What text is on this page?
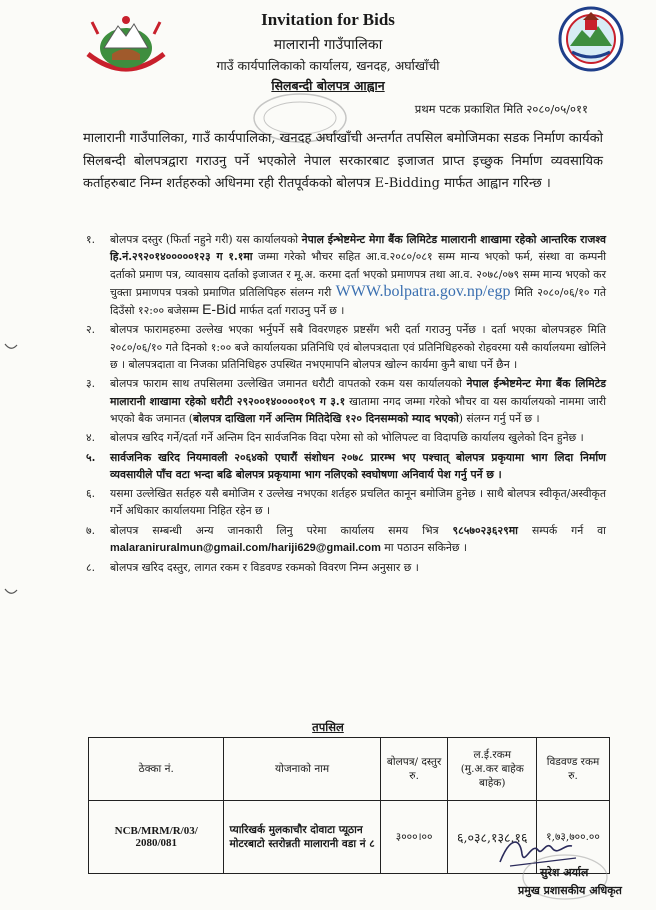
Invitation for Bids
मालारानी गाउँपालिका
गाउँ कार्यपालिकाको कार्यालय, खनदह, अर्घाखाँची
सिलबन्दी बोलपत्र आह्वान
प्रथम पटक प्रकाशित मिति २०८०/०५/०११
मालारानी गाउँपालिका, गाउँ कार्यपालिका, खनदह अर्घाखाँची अन्तर्गत तपसिल बमोजिमका सडक निर्माण कार्यको सिलबन्दी बोलपत्रद्वारा गराउनु पर्ने भएकोले नेपाल सरकारबाट इजाजत प्राप्त इच्छुक निर्माण व्यवसायिक कर्ताहरुबाट निम्न शर्तहरुको अधिनमा रही रीतपूर्वकको बोलपत्र E-Bidding मार्फत आह्वान गरिन्छ ।
१.	बोलपत्र दस्तुर (फिर्ता नहुने गरी) यस कार्यालयको नेपाल ईन्भेष्टमेन्ट मेगा बैंक लिमिटेड मालारानी शाखामा रहेको आन्तरिक राजश्व हि.नं.२९२०१४०००००१२३ ग १.१मा जम्मा गरेको भौचर सहित आ.व.२०८०/०८१ सम्म मान्य भएको फर्म, संस्था वा कम्पनी दर्ताको प्रमाण पत्र, व्यावसाय दर्ताको इजाजत र मू.अ. करमा दर्ता भएको प्रमाणपत्र तथा आ.व. २०७८/०७९ सम्म मान्य भएको कर चुक्ता प्रमाणपत्र पत्रको प्रमाणित प्रतिलिपिहरु संलग्न गरी WWW.bolpatra.gov.np/egp मिति २०८०/०६/१० गते दिउँसो १२:०० बजेसम्म E-Bid मार्फत दर्ता गराउनु पर्ने छ ।
२.	बोलपत्र फारामहरुमा उल्लेख भएका भर्नुपर्ने सबै विवरणहरु प्रष्टसँग भरी दर्ता गराउनु पर्नेछ । दर्ता भएका बोलपत्रहरु मिति २०८०/०६/१० गते दिनको १:०० बजे कार्यालयका प्रतिनिधि एवं बोलपत्रदाता एवं प्रतिनिधिहरुको रोहवरमा यसै कार्यालयमा खोलिने छ । बोलपत्रदाता वा निजका प्रतिनिधिहरु उपस्थित नभएमापनि बोलपत्र खोल्न कार्यमा कुनै बाधा पर्ने छैन ।
३.	बोलपत्र फाराम साथ तपसिलमा उल्लेखित जमानत धरौटी वापतको रकम यस कार्यालयको नेपाल ईन्भेष्टमेन्ट मेगा बैंक लिमिटेड मालारानी शाखामा रहेको धरौटी २९२००१४००००१०९ ग ३.१ खातामा नगद जम्मा गरेको भौचर वा यस कार्यालयको नाममा जारी भएको बैक जमानत (बोलपत्र दाखिला गर्ने अन्तिम मितिदेखि १२० दिनसम्मको म्याद भएको) संलग्न गर्नु पर्ने छ ।
४.	बोलपत्र खरिद गर्ने/दर्ता गर्ने अन्तिम दिन सार्वजनिक विदा परेमा सो को भोलिपल्ट वा विदापछि कार्यालय खुलेको दिन हुनेछ ।
५.	सार्वजनिक खरिद नियमावली २०६४को एघारौं संशोधन २०७८ प्रारम्भ भए पश्चात् बोलपत्र प्रकृयामा भाग लिदा निर्माण व्यवसायीले पाँच वटा भन्दा बढि बोलपत्र प्रकृयामा भाग नलिएको स्वघोषणा अनिवार्य पेश गर्नु पर्ने छ ।
६.	यसमा उल्लेखित सर्तहरु यसै बमोजिम र उल्लेख नभएका शर्तहरु प्रचलित कानून बमोजिम हुनेछ । साथै बोलपत्र स्वीकृत/अस्वीकृत गर्ने अधिकार कार्यालयमा निहित रहेन छ ।
७.	बोलपत्र सम्बन्धी अन्य जानकारी लिनु परेमा कार्यालय समय भित्र ९८५७०२३६२९मा सम्पर्क गर्न वा malaraniruralmun@gmail.com/hariji629@gmail.com मा पठाउन सकिनेछ ।
८.	बोलपत्र खरिद दस्तुर, लागत रकम र विडवण्ड रकमको विवरण निम्न अनुसार छ ।
तपसिल
ठेक्का नं.	योजनाको नाम	बोलपत्र/ दस्तुर रु.	ल.ई.रकम (मु.अ.कर बाहेक बाहेक)	विडवण्ड रकम रु.
NCB/MRM/R/03/ 2080/081	प्यारिखर्क मुलकाचौर दोवाटा प्यूठान मोटरबाटो स्तरोन्नती मालारानी वडा नं ८	३०००।००	६,०३८,१३८.१६	१,७३,७००.००
सुरेश अर्याल
प्रमुख प्रशासकीय अधिकृत
